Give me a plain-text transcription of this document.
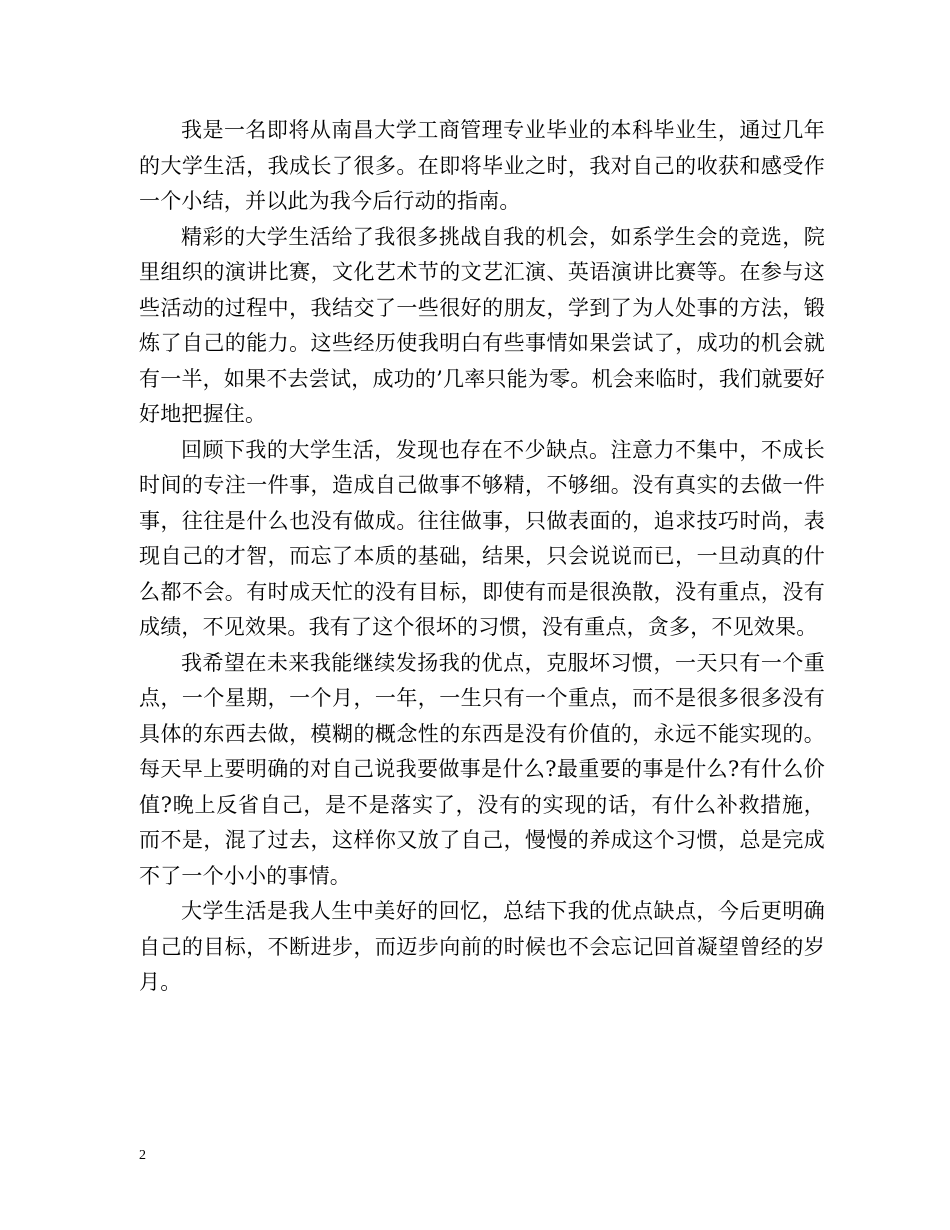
我是一名即将从南昌大学工商管理专业毕业的本科毕业生，通过几年的大学生活，我成长了很多。在即将毕业之时，我对自己的收获和感受作一个小结，并以此为我今后行动的指南。

精彩的大学生活给了我很多挑战自我的机会，如系学生会的竞选，院里组织的演讲比赛，文化艺术节的文艺汇演、英语演讲比赛等。在参与这些活动的过程中，我结交了一些很好的朋友，学到了为人处事的方法，锻炼了自己的能力。这些经历使我明白有些事情如果尝试了，成功的机会就有一半，如果不去尝试，成功的’几率只能为零。机会来临时，我们就要好好地把握住。

回顾下我的大学生活，发现也存在不少缺点。注意力不集中，不成长时间的专注一件事，造成自己做事不够精，不够细。没有真实的去做一件事，往往是什么也没有做成。往往做事，只做表面的，追求技巧时尚，表现自己的才智，而忘了本质的基础，结果，只会说说而已，一旦动真的什么都不会。有时成天忙的没有目标，即使有而是很涣散，没有重点，没有成绩，不见效果。我有了这个很坏的习惯，没有重点，贪多，不见效果。

我希望在未来我能继续发扬我的优点，克服坏习惯，一天只有一个重点，一个星期，一个月，一年，一生只有一个重点，而不是很多很多没有具体的东西去做，模糊的概念性的东西是没有价值的，永远不能实现的。每天早上要明确的对自己说我要做事是什么?最重要的事是什么?有什么价值?晚上反省自己，是不是落实了，没有的实现的话，有什么补救措施，而不是，混了过去，这样你又放了自己，慢慢的养成这个习惯，总是完成不了一个小小的事情。

大学生活是我人生中美好的回忆，总结下我的优点缺点，今后更明确自己的目标，不断进步，而迈步向前的时候也不会忘记回首凝望曾经的岁月。

2
